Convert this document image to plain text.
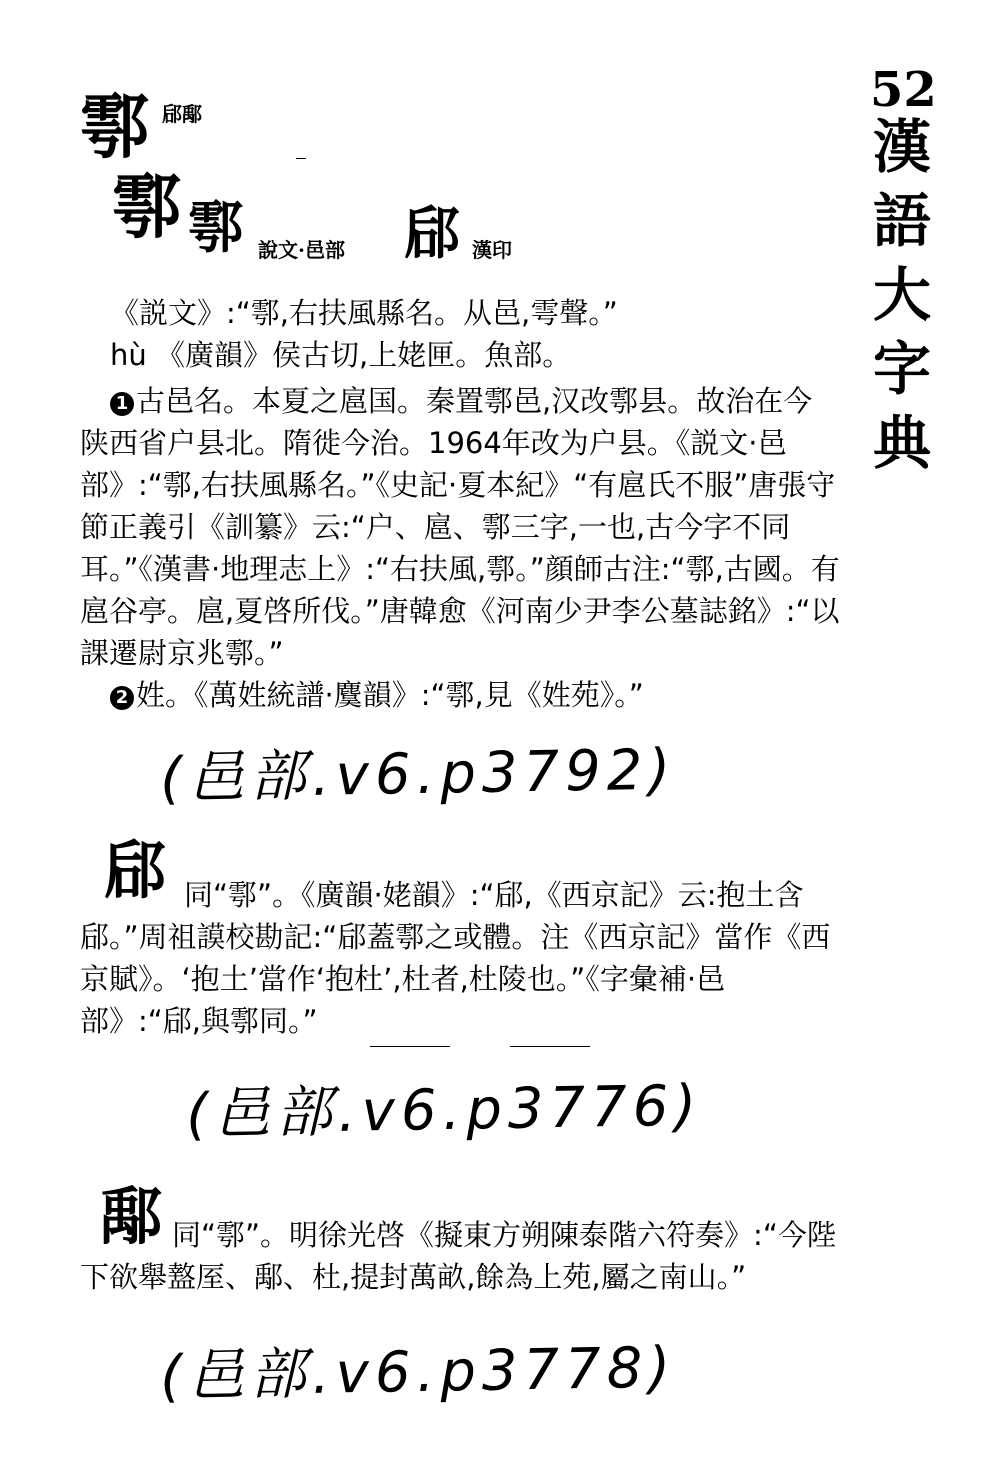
52
漢
語
大
字
典
鄠 郈鄅
鄠 鄠 說文·邑部 郈 漢印

《説文》:“鄠,右扶風縣名。从邑,雩聲。”

hù 《廣韻》侯古切,上姥匣。魚部。

1 古邑名。本夏之扈国。秦置鄠邑,汉改鄠县。故治在今陕西省户县北。隋徙今治。1964年改为户县。《説文·邑部》:“鄠,右扶風縣名。”《史記·夏本紀》“有扈氏不服”唐張守節正義引《訓纂》云:“户、扈、鄠三字,一也,古今字不同耳。”《漢書·地理志上》:“右扶風,鄠。”顔師古注:“鄠,古國。有扈谷亭。扈,夏啓所伐。”唐韓愈《河南少尹李公墓誌銘》:“以課遷尉京兆鄠。”

2 姓。《萬姓統譜·麌韻》:“鄠,見《姓苑》。”

(邑部.v6.p3792)
郈 同“鄠”。《廣韻·姥韻》:“郈,《西京記》云:抱土含郈。”周祖謨校勘記:“郈蓋鄠之或體。注《西京記》當作《西京賦》。‘抱土’當作‘抱杜’,杜者,杜陵也。”《字彙補·邑部》:“郈,與鄠同。”

(邑部.v6.p3776)
鄅 同“鄠”。明徐光啓《擬東方朔陳泰階六符奏》:“今陛下欲舉盩厔、鄅、杜,提封萬畝,餘為上苑,屬之南山。”

(邑部.v6.p3778)
